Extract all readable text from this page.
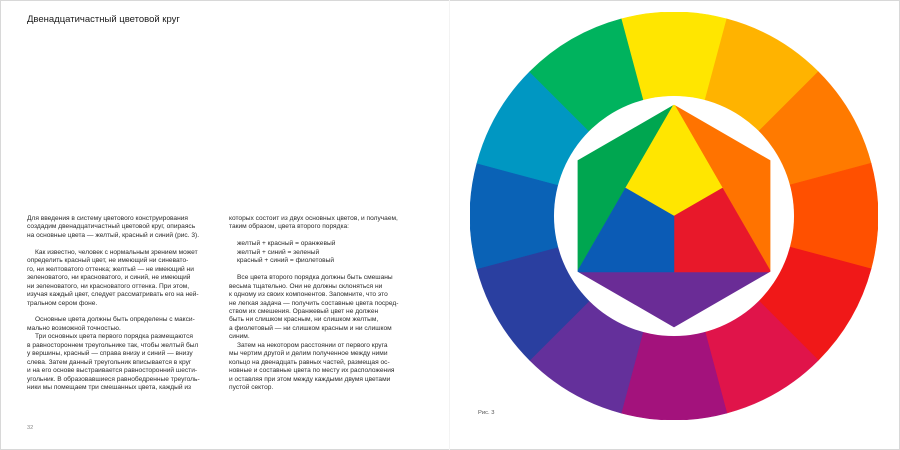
Двенадцатичастный цветовой круг

Для введения в систему цветового конструирования

создадим двенадцатичастный цветовой круг, опираясь

на основные цвета — желтый, красный и синий (рис. 3).

Как известно, человек с нормальным зрением может

определить красный цвет, не имеющий ни синевато-

го, ни желтоватого оттенка; желтый — не имеющий ни

зеленоватого, ни красноватого, и синий, не имеющий

ни зеленоватого, ни красноватого оттенка. При этом,

изучая каждый цвет, следует рассматривать его на ней-

тральном сером фоне.

Основные цвета должны быть определены с макси-

мально возможной точностью.

Три основных цвета первого порядка размещаются

в равностороннем треугольнике так, чтобы желтый был

у вершины, красный — справа внизу и синий — внизу

слева. Затем данный треугольник вписывается в круг

и на его основе выстраивается равносторонний шести-

угольник. В образовавшиеся равнобедренные треуголь-

ники мы помещаем три смешанных цвета, каждый из

которых состоит из двух основных цветов, и получаем,

таким образом, цвета второго порядка:

желтый + красный = оранжевый

желтый + синий = зеленый

красный + синий = фиолетовый

Все цвета второго порядка должны быть смешаны

весьма тщательно. Они не должны склоняться ни

к одному из своих компонентов. Запомните, что это

не легкая задача — получить составные цвета посред-

ством их смешения. Оранжевый цвет не должен

быть ни слишком красным, ни слишком желтым,

а фиолетовый — ни слишком красным и ни слишком

синим.

Затем на некотором расстоянии от первого круга

мы чертим другой и делим полученное между ними

кольцо на двенадцать равных частей, размещая ос-

новные и составные цвета по месту их расположения

и оставляя при этом между каждыми двумя цветами

пустой сектор.

32
Рис. 3
